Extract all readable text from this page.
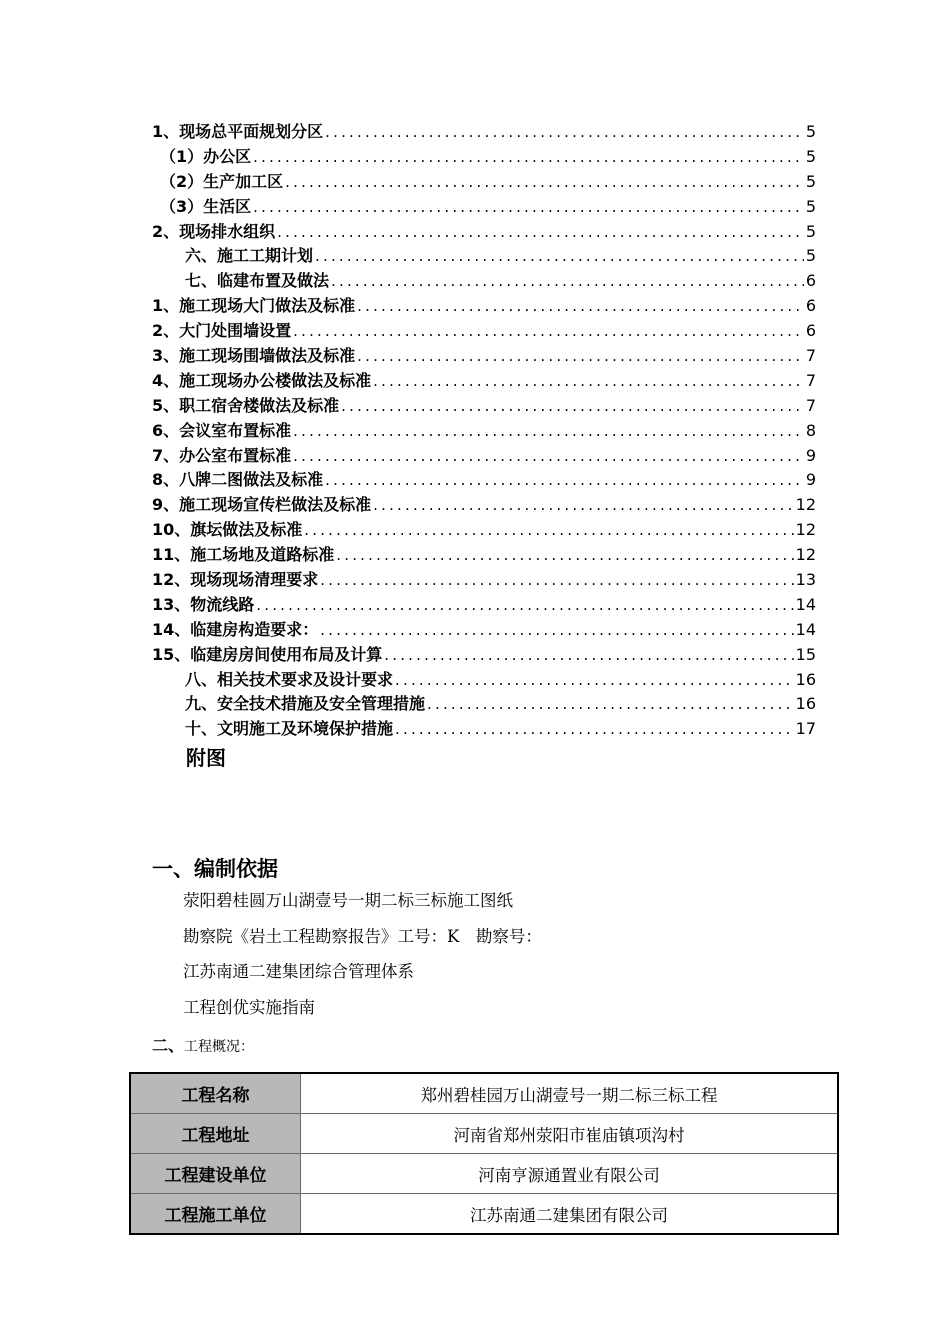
1、现场总平面规划分区 .....	5
（1）办公区 .....	5
（2）生产加工区 .....	5
（3）生活区 .....	5
2、现场排水组织 .....	5
六、施工工期计划 .....	5
七、临建布置及做法 .....	6
1、施工现场大门做法及标准 .....	6
2、大门处围墙设置 .....	6
3、施工现场围墙做法及标准 .....	7
4、施工现场办公楼做法及标准 .....	7
5、职工宿舍楼做法及标准 .....	7
6、会议室布置标准 .....	8
7、办公室布置标准 .....	9
8、八牌二图做法及标准 .....	9
9、施工现场宣传栏做法及标准 .....	12
10、旗坛做法及标准 .....	12
11、施工场地及道路标准 .....	12
12、现场现场清理要求 .....	13
13、物流线路 .....	14
14、临建房构造要求： .....	14
15、临建房房间使用布局及计算 .....	15
八、相关技术要求及设计要求 .....	16
九、安全技术措施及安全管理措施 .....	16
十、文明施工及环境保护措施 .....	17
附图
一、编制依据
荥阳碧桂圆万山湖壹号一期二标三标施工图纸
勘察院《岩土工程勘察报告》工号：K　勘察号：
江苏南通二建集团综合管理体系
工程创优实施指南
二、工程概况：
工程名称	郑州碧桂园万山湖壹号一期二标三标工程
工程地址	河南省郑州荥阳市崔庙镇项沟村
工程建设单位	河南亨源通置业有限公司
工程施工单位	江苏南通二建集团有限公司
